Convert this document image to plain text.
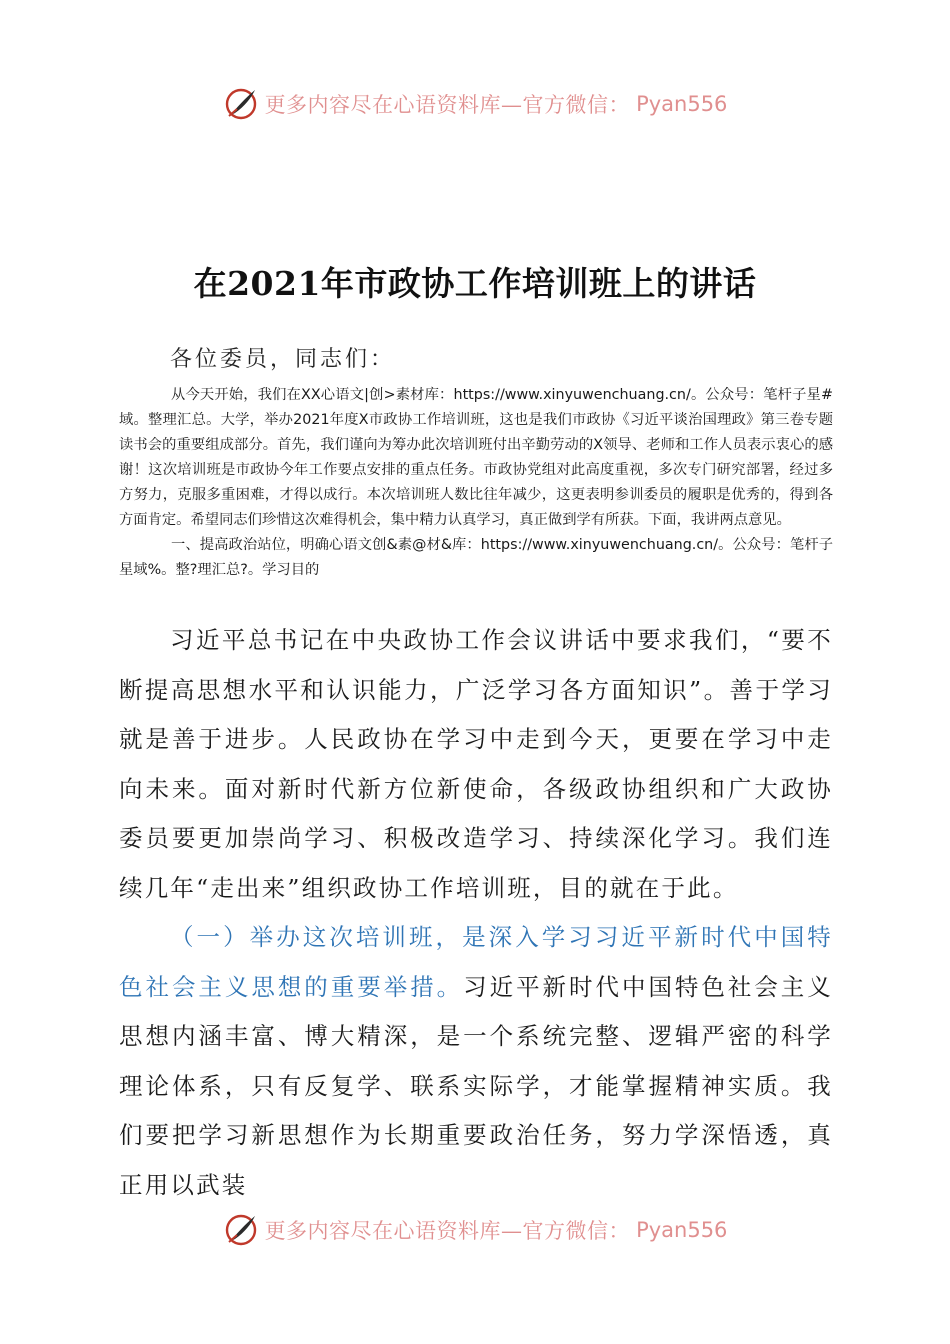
更多内容尽在心语资料库—官方微信： Pyan556
在2021年市政协工作培训班上的讲话

各位委员，同志们：

从今天开始，我们在XX心语文|创>素材库：https://www.xinyuwenchuang.cn/。公众号：笔杆子星#域。整理汇总。大学，举办2021年度X市政协工作培训班，这也是我们市政协《习近平谈治国理政》第三卷专题读书会的重要组成部分。首先，我们谨向为筹办此次培训班付出辛勤劳动的X领导、老师和工作人员表示衷心的感谢！这次培训班是市政协今年工作要点安排的重点任务。市政协党组对此高度重视，多次专门研究部署，经过多方努力，克服多重困难，才得以成行。本次培训班人数比往年减少，这更表明参训委员的履职是优秀的，得到各方面肯定。希望同志们珍惜这次难得机会，集中精力认真学习，真正做到学有所获。下面，我讲两点意见。

一、提高政治站位，明确心语文创&素@材&库：https://www.xinyuwenchuang.cn/。公众号：笔杆子星域%。整?理汇总?。学习目的

习近平总书记在中央政协工作会议讲话中要求我们，“要不断提高思想水平和认识能力，广泛学习各方面知识”。善于学习就是善于进步。人民政协在学习中走到今天，更要在学习中走向未来。面对新时代新方位新使命，各级政协组织和广大政协委员要更加崇尚学习、积极改造学习、持续深化学习。我们连续几年“走出来”组织政协工作培训班，目的就在于此。

（一）举办这次培训班，是深入学习习近平新时代中国特色社会主义思想的重要举措。习近平新时代中国特色社会主义思想内涵丰富、博大精深，是一个系统完整、逻辑严密的科学理论体系，只有反复学、联系实际学，才能掌握精神实质。我们要把学习新思想作为长期重要政治任务，努力学深悟透，真正用以武装

更多内容尽在心语资料库—官方微信： Pyan556
